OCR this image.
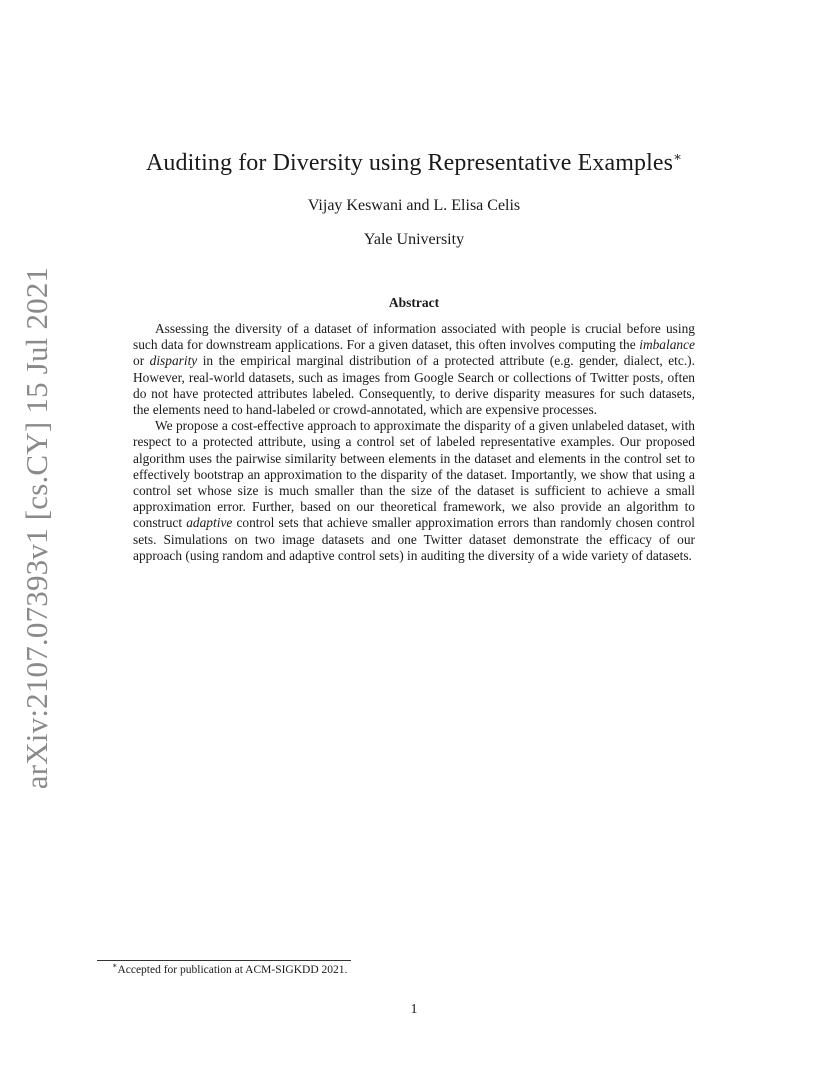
arXiv:2107.07393v1 [cs.CY] 15 Jul 2021
Auditing for Diversity using Representative Examples∗
Vijay Keswani and L. Elisa Celis
Yale University
Abstract

Assessing the diversity of a dataset of information associated with people is crucial before using such data for downstream applications. For a given dataset, this often involves computing the imbalance or disparity in the empirical marginal distribution of a protected attribute (e.g. gender, dialect, etc.). However, real-world datasets, such as images from Google Search or collections of Twitter posts, often do not have protected attributes labeled. Consequently, to derive disparity measures for such datasets, the elements need to hand-labeled or crowd-annotated, which are expensive processes.

We propose a cost-effective approach to approximate the disparity of a given unlabeled dataset, with respect to a protected attribute, using a control set of labeled representative examples. Our proposed algorithm uses the pairwise similarity between elements in the dataset and elements in the control set to effectively bootstrap an approximation to the disparity of the dataset. Importantly, we show that using a control set whose size is much smaller than the size of the dataset is sufficient to achieve a small approximation error. Further, based on our theoretical framework, we also provide an algorithm to construct adaptive control sets that achieve smaller approximation errors than randomly chosen control sets. Simulations on two image datasets and one Twitter dataset demonstrate the efficacy of our approach (using random and adaptive control sets) in auditing the diversity of a wide variety of datasets.

∗Accepted for publication at ACM-SIGKDD 2021.
1
